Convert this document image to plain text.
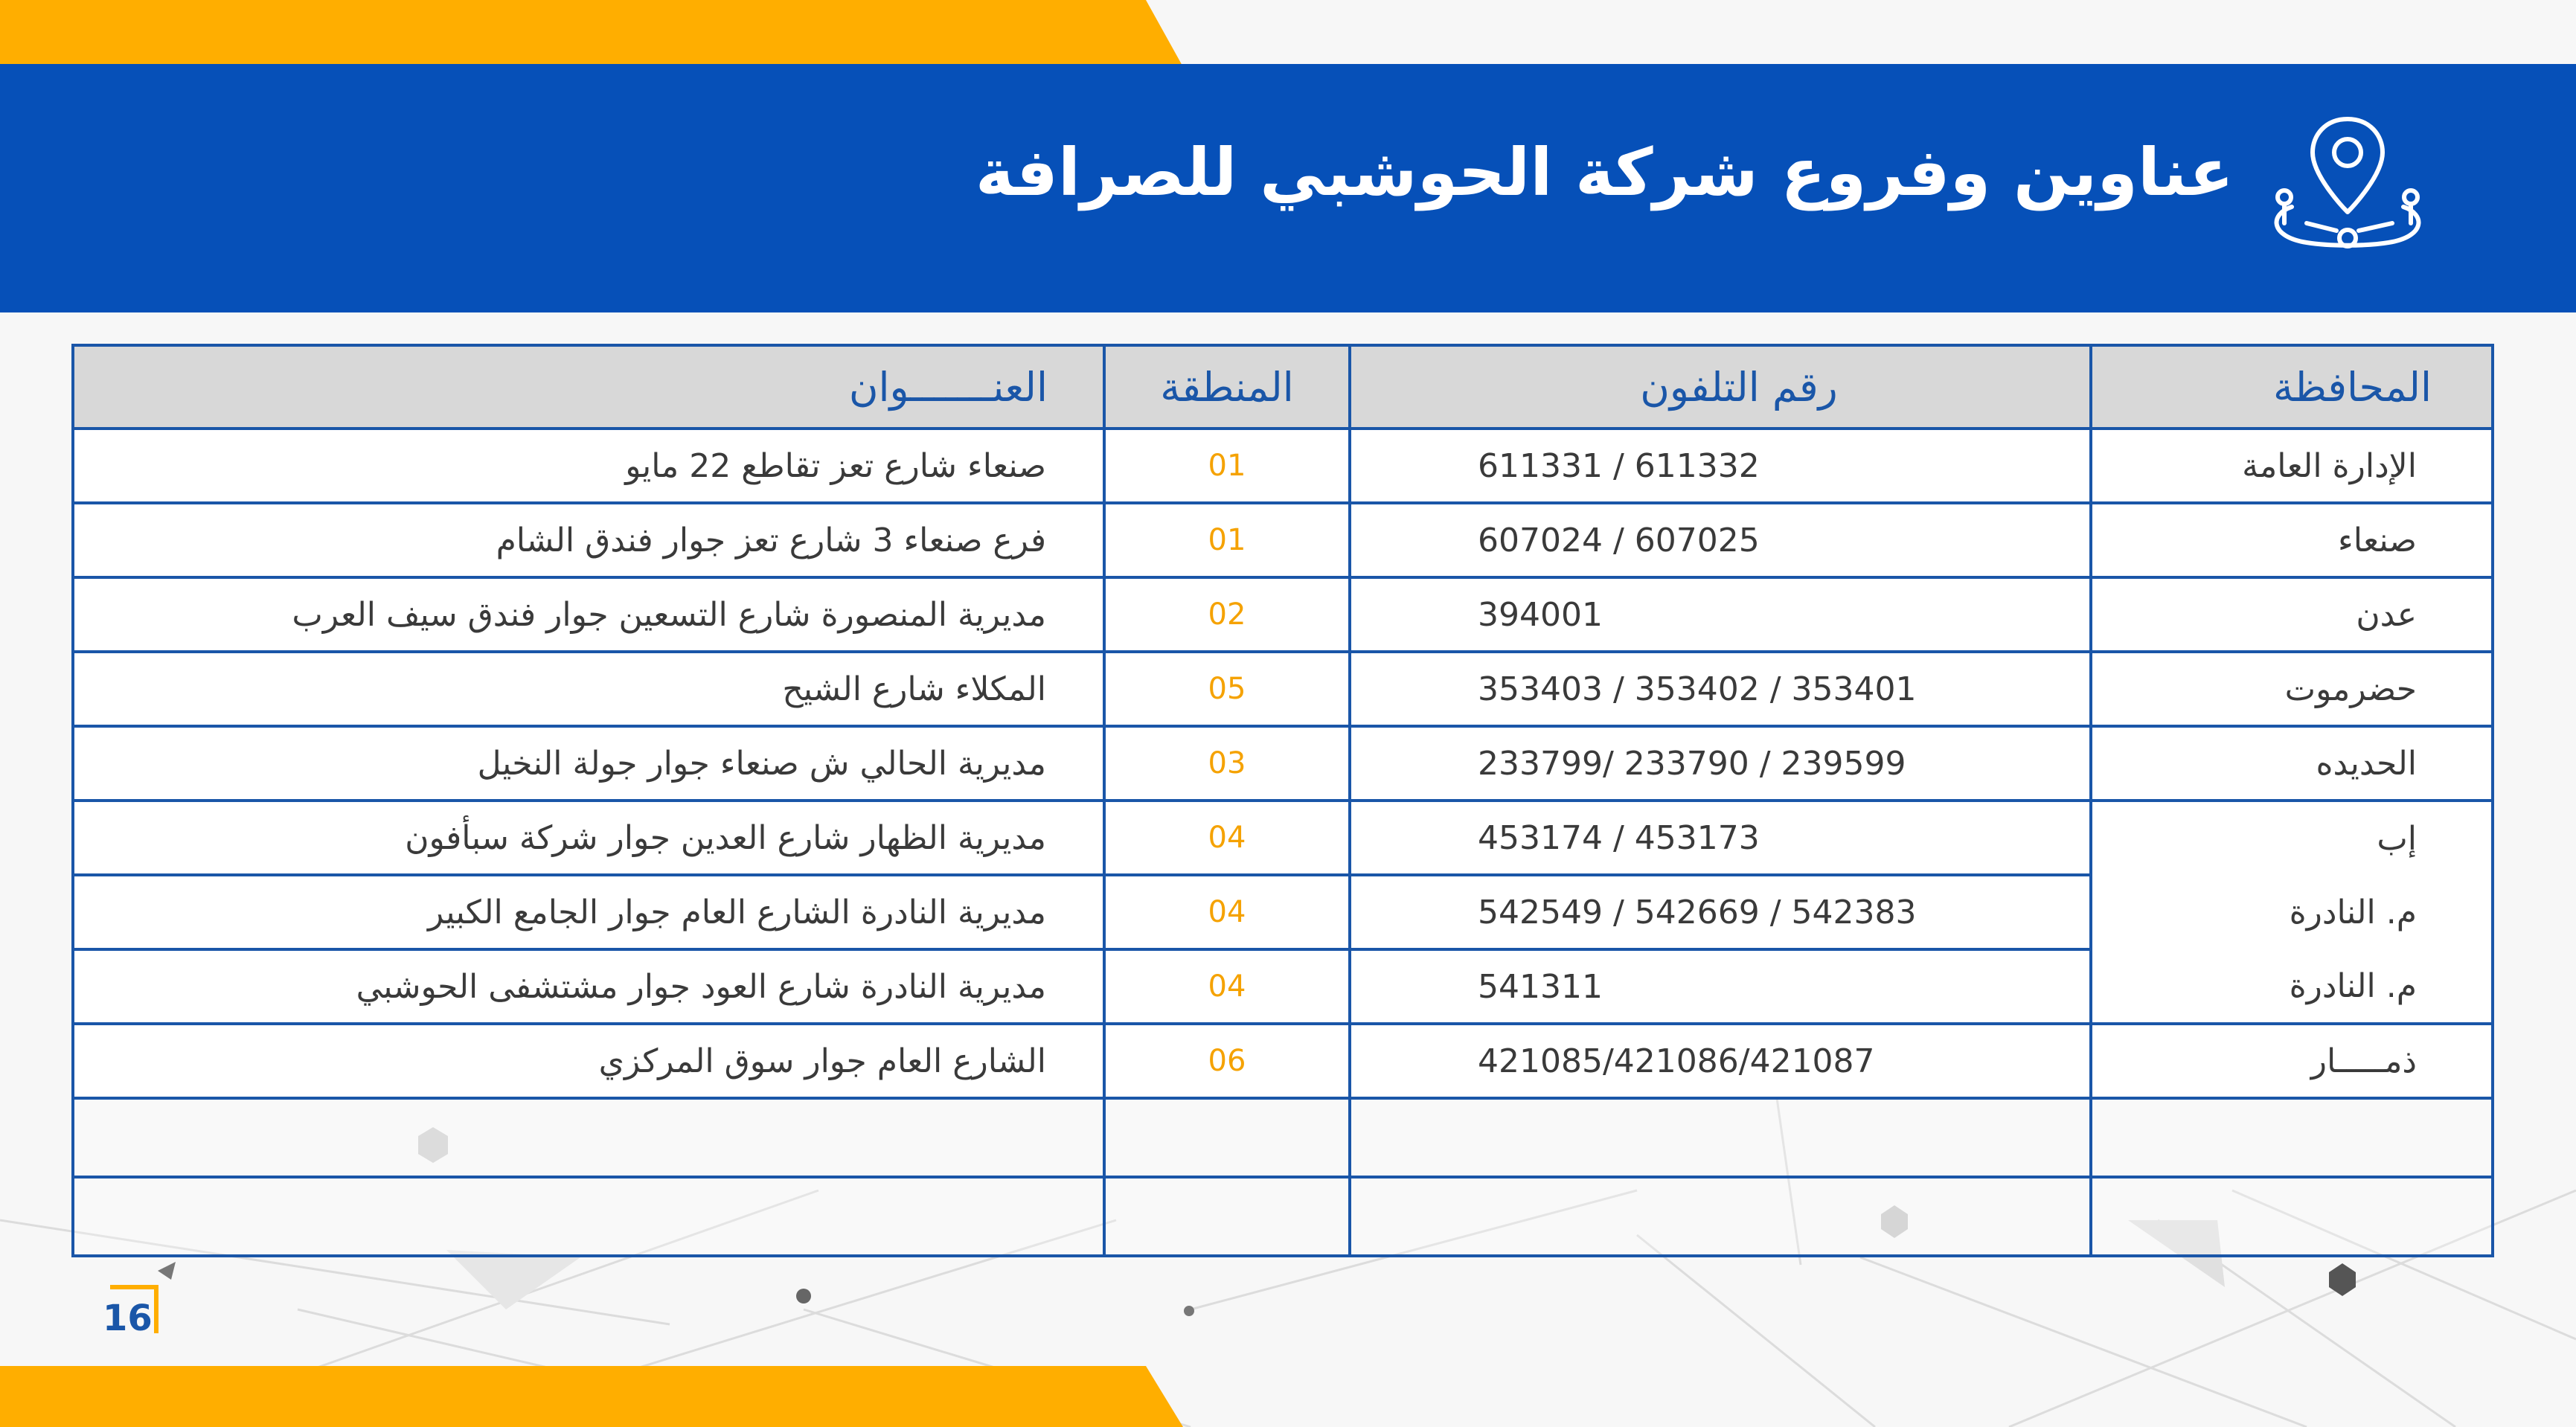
عناوين وفروع شركة الحوشبي للصرافة
المحافظة	رقم التلفون	المنطقة	العنـــــــوان
الإدارة العامة	611331 / 611332	01	صنعاء شارع تعز تقاطع 22 مايو
صنعاء	607024 / 607025	01	فرع صنعاء 3 شارع تعز جوار فندق الشام
عدن	394001	02	مديرية المنصورة شارع التسعين جوار فندق سيف العرب
حضرموت	353403 / 353402 / 353401	05	المكلاء شارع الشيح
الحديده	233799/ 233790 / 239599	03	مديرية الحالي ش صنعاء جوار جولة النخيل
إب	453174 / 453173	04	مديرية الظهار شارع العدين جوار شركة سبأفون
م. النادرة	542549 / 542669 / 542383	04	مديرية النادرة الشارع العام جوار الجامع الكبير
م. النادرة	541311	04	مديرية النادرة شارع العود جوار مشتشفى الحوشبي
ذمـــــار	421085/421086/421087	06	الشارع العام جوار سوق المركزي

16
